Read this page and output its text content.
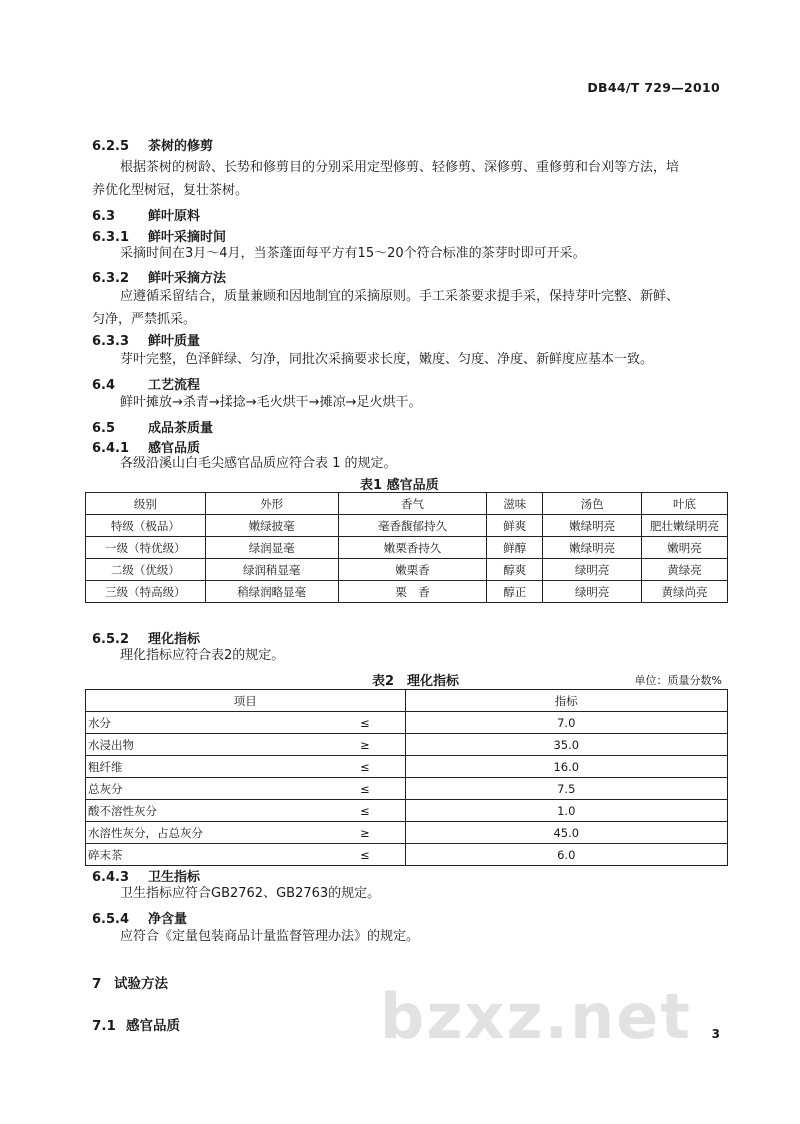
DB44/T 729—2010
6.2.5 茶树的修剪
根据茶树的树龄、长势和修剪目的分别采用定型修剪、轻修剪、深修剪、重修剪和台刈等方法，培
养优化型树冠，复壮茶树。
6.3	鲜叶原料
6.3.1 鲜叶采摘时间
采摘时间在3月～4月，当茶蓬面每平方有15～20个符合标准的茶芽时即可开采。
6.3.2 鲜叶采摘方法
应遵循采留结合，质量兼顾和因地制宜的采摘原则。手工采茶要求提手采，保持芽叶完整、新鲜、
匀净，严禁抓采。
6.3.3 鲜叶质量
芽叶完整，色泽鲜绿、匀净，同批次采摘要求长度，嫩度、匀度、净度、新鲜度应基本一致。
6.4	工艺流程
鲜叶摊放→杀青→揉捻→毛火烘干→摊凉→足火烘干。
6.5	成品茶质量
6.4.1 感官品质
各级沿溪山白毛尖感官品质应符合表 1 的规定。
表1 感官品质
级别	外形	香气	滋味	汤色	叶底
特级（极品）	嫩绿披毫	毫香馥郁持久	鲜爽	嫩绿明亮	肥壮嫩绿明亮
一级（特优级）	绿润显毫	嫩栗香持久	鲜醇	嫩绿明亮	嫩明亮
二级（优级）	绿润稍显毫	嫩栗香	醇爽	绿明亮	黄绿亮
三级（特高级）	稍绿润略显毫	栗　香	醇正	绿明亮	黄绿尚亮
6.5.2 理化指标
理化指标应符合表2的规定。
表2　理化指标	单位：质量分数%
项目		指标
水分	≤	7.0
水浸出物	≥	35.0
粗纤维	≤	16.0
总灰分	≤	7.5
酸不溶性灰分	≤	1.0
水溶性灰分，占总灰分	≥	45.0
碎末茶	≤	6.0
6.4.3 卫生指标
卫生指标应符合GB2762、GB2763的规定。
6.5.4 净含量
应符合《定量包装商品计量监督管理办法》的规定。
7 试验方法
7.1 感官品质	bzxz.net 3
